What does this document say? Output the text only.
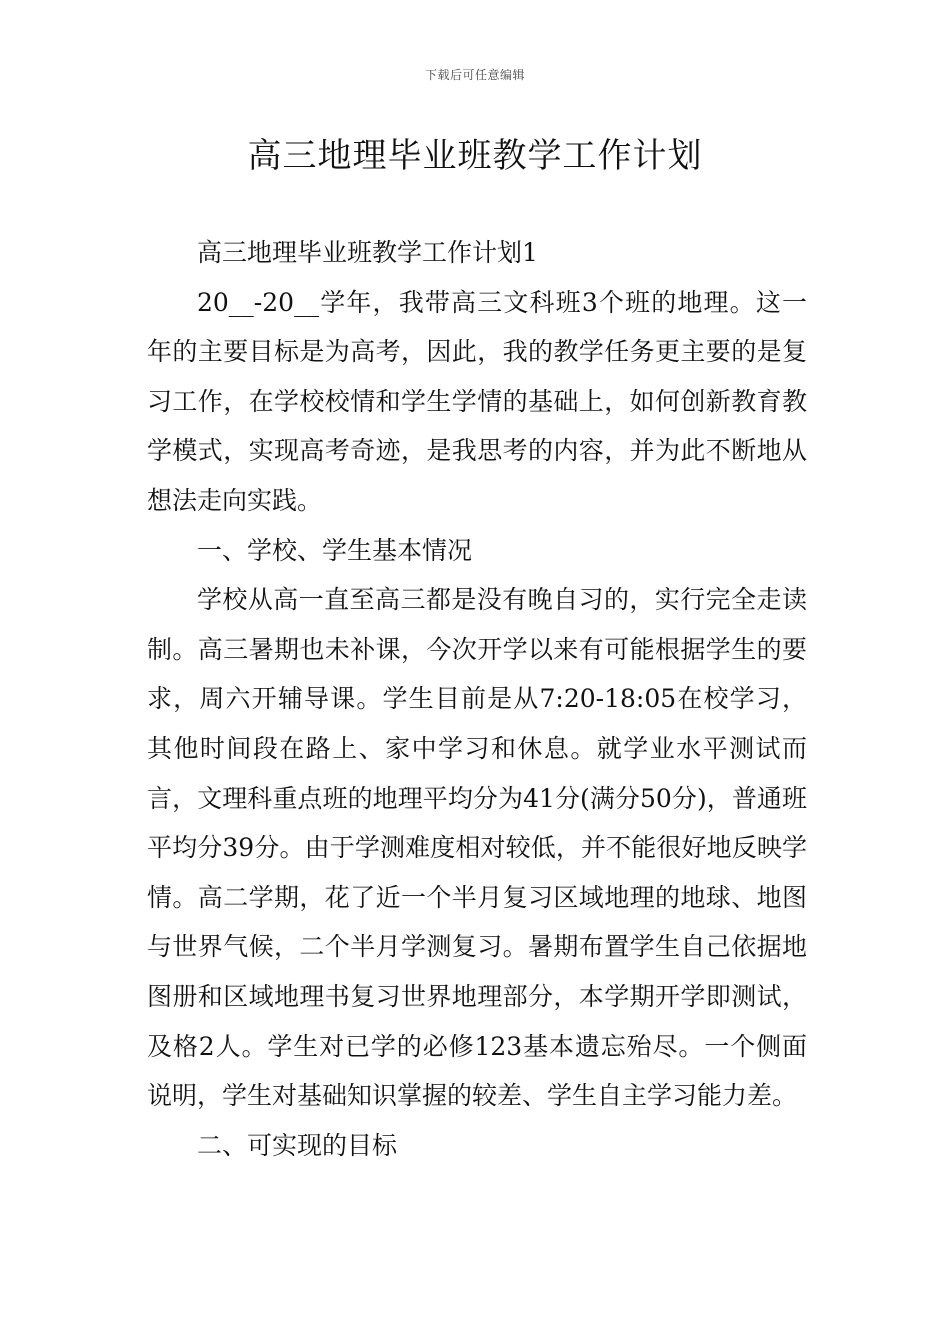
下载后可任意编辑
高三地理毕业班教学工作计划

高三地理毕业班教学工作计划1

20__-20__学年，我带高三文科班3个班的地理。这一年的主要目标是为高考，因此，我的教学任务更主要的是复习工作，在学校校情和学生学情的基础上，如何创新教育教学模式，实现高考奇迹，是我思考的内容，并为此不断地从想法走向实践。

一、学校、学生基本情况

学校从高一直至高三都是没有晚自习的，实行完全走读制。高三暑期也未补课，今次开学以来有可能根据学生的要求，周六开辅导课。学生目前是从7:20-18:05在校学习，其他时间段在路上、家中学习和休息。就学业水平测试而言，文理科重点班的地理平均分为41分(满分50分)，普通班平均分39分。由于学测难度相对较低，并不能很好地反映学情。高二学期，花了近一个半月复习区域地理的地球、地图与世界气候，二个半月学测复习。暑期布置学生自己依据地图册和区域地理书复习世界地理部分，本学期开学即测试，及格2人。学生对已学的必修123基本遗忘殆尽。一个侧面说明，学生对基础知识掌握的较差、学生自主学习能力差。

二、可实现的目标
